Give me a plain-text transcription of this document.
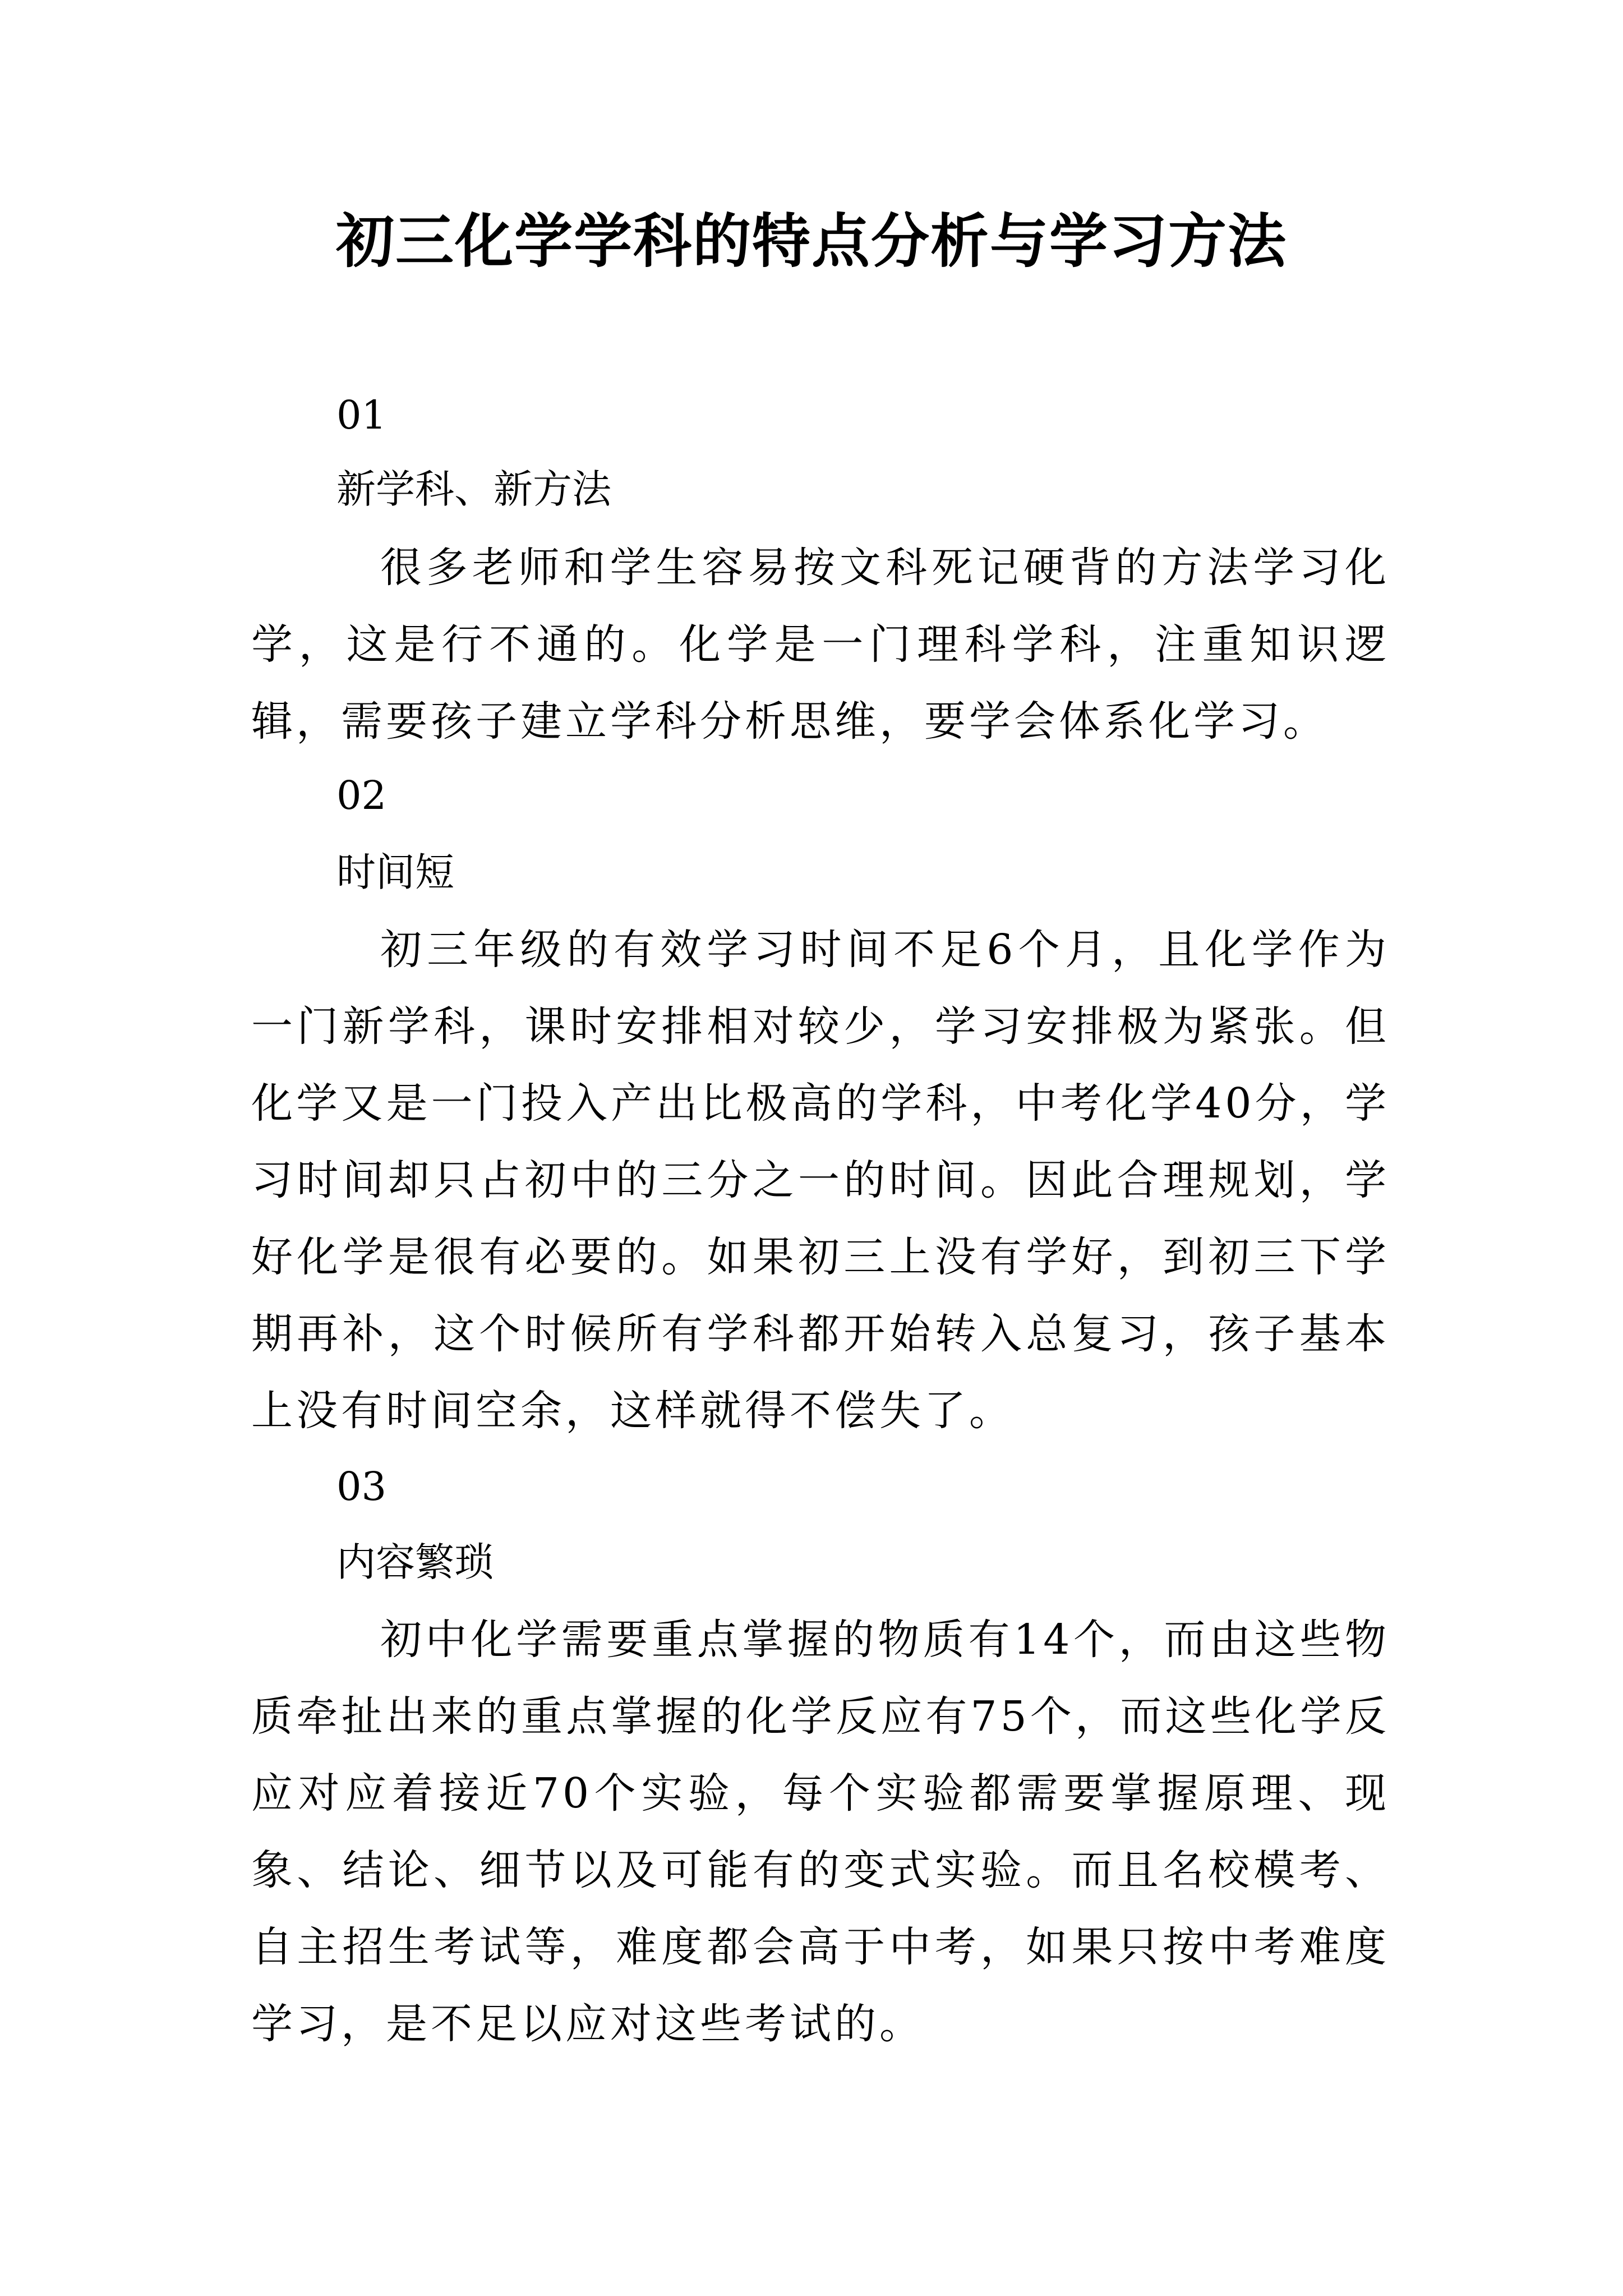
初三化学学科的特点分析与学习方法
01
新学科、新方法

很多老师和学生容易按文科死记硬背的方法学习化学，这是行不通的。化学是一门理科学科，注重知识逻辑，需要孩子建立学科分析思维，要学会体系化学习。

02
时间短

初三年级的有效学习时间不足6个月，且化学作为一门新学科，课时安排相对较少，学习安排极为紧张。但化学又是一门投入产出比极高的学科，中考化学40分，学习时间却只占初中的三分之一的时间。因此合理规划，学好化学是很有必要的。如果初三上没有学好，到初三下学期再补，这个时候所有学科都开始转入总复习，孩子基本上没有时间空余，这样就得不偿失了。

03
内容繁琐

初中化学需要重点掌握的物质有14个，而由这些物质牵扯出来的重点掌握的化学反应有75个，而这些化学反应对应着接近70个实验，每个实验都需要掌握原理、现象、结论、细节以及可能有的变式实验。而且名校模考、自主招生考试等，难度都会高于中考，如果只按中考难度学习，是不足以应对这些考试的。
